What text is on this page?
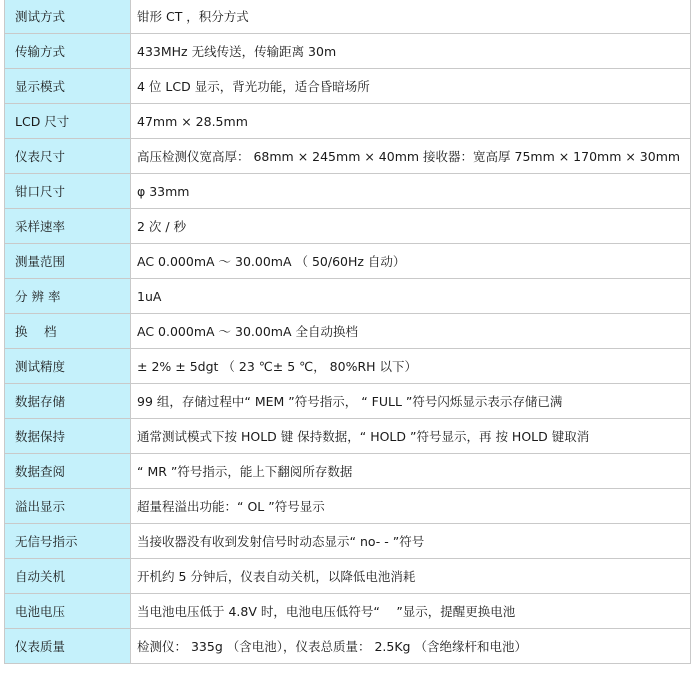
测试方式	钳形 CT ，积分方式
传输方式	433MHz 无线传送，传输距离 30m
显示模式	4 位 LCD 显示，背光功能，适合昏暗场所
LCD 尺寸	47mm × 28.5mm
仪表尺寸	高压检测仪宽高厚： 68mm × 245mm × 40mm 接收器：宽高厚 75mm × 170mm × 30mm
钳口尺寸	φ 33mm
采样速率	2 次 / 秒
测量范围	AC 0.000mA ～ 30.00mA （ 50/60Hz 自动）
分 辨 率	1uA
换　 档	AC 0.000mA ～ 30.00mA 全自动换档
测试精度	± 2% ± 5dgt （ 23 ℃± 5 ℃， 80%RH 以下）
数据存储	99 组，存储过程中“ MEM ”符号指示， “ FULL ”符号闪烁显示表示存储已满
数据保持	通常测试模式下按 HOLD 键 保持数据，“ HOLD ”符号显示，再 按 HOLD 键取消
数据查阅	“ MR ”符号指示，能上下翻阅所存数据
溢出显示	超量程溢出功能：“ OL ”符号显示
无信号指示	当接收器没有收到发射信号时动态显示“ no- - ”符号
自动关机	开机约 5 分钟后，仪表自动关机，以降低电池消耗
电池电压	当电池电压低于 4.8V 时，电池电压低符号“　 ”显示，提醒更换电池
仪表质量	检测仪： 335g （含电池），仪表总质量： 2.5Kg （含绝缘杆和电池）
